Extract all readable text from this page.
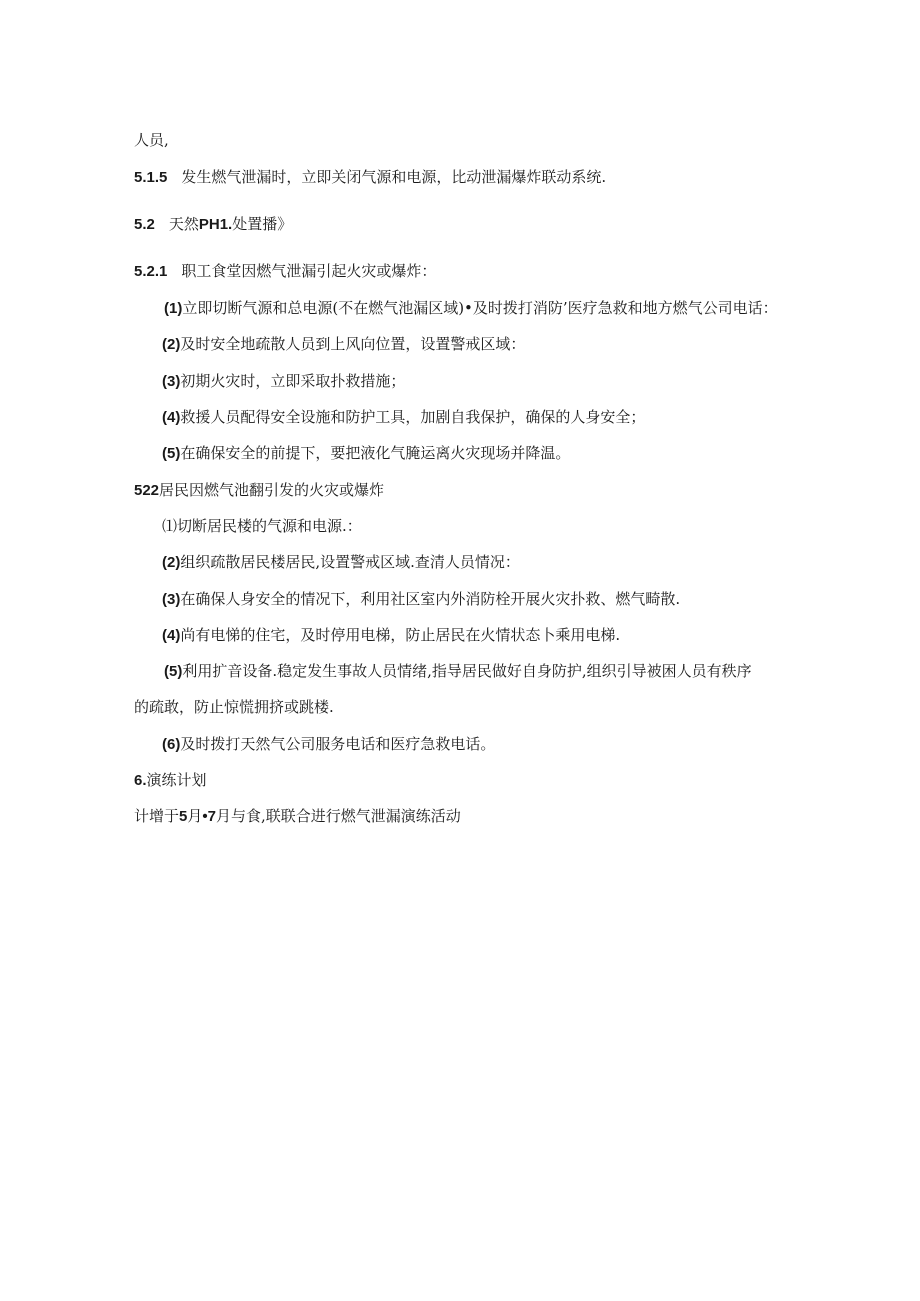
人员,
5.1.5 发生燃气泄漏时，立即关闭气源和电源，比动泄漏爆炸联动系统.
5.2 天然PH1.处置播》
5.2.1 职工食堂因燃气泄漏引起火灾或爆炸：
(1)立即切断气源和总电源(不在燃气池漏区域)•及时拨打消防’医疗急救和地方燃气公司电话：
(2)及时安全地疏散人员到上风向位置，设置警戒区域：
(3)初期火灾时，立即采取扑救措施；
(4)救援人员配得安全设施和防护工具，加剧自我保护，确保的人身安全；
(5)在确保安全的前提下，要把液化气腌运离火灾现场并降温。
522居民因燃气池翻引发的火灾或爆炸
⑴切断居民楼的气源和电源.：
(2)组织疏散居民楼居民,设置警戒区域.查清人员情况：
(3)在确保人身安全的情况下，利用社区室内外消防栓开展火灾扑救、燃气畸散.
(4)尚有电悌的住宅，及时停用电梯，防止居民在火情状态卜乘用电梯.
(5)利用扩音设备.稳定发生事故人员情绪,指导居民做好自身防护,组织引导被困人员有秩序
的疏敢，防止惊慌拥挤或跳楼.
(6)及时拨打天然气公司服务电话和医疗急救电话。
6.演练计划
计增于5月•7月与食,联联合进行燃气泄漏演练活动
